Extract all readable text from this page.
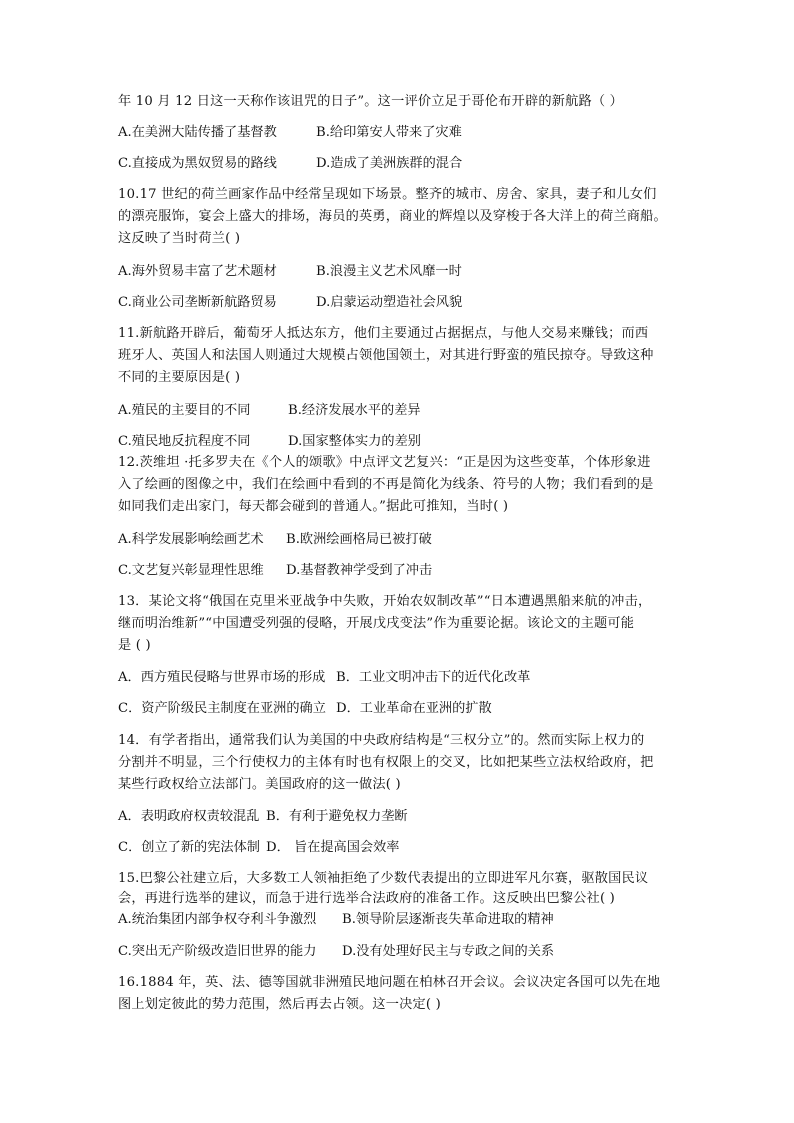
年 10 月 12 日这一天称作该诅咒的日子”。这一评价立足于哥伦布开辟的新航路（ ）
A.在美洲大陆传播了基督教	B.给印第安人带来了灾难
C.直接成为黑奴贸易的路线	D.造成了美洲族群的混合
10.17 世纪的荷兰画家作品中经常呈现如下场景。整齐的城市、房舍、家具，妻子和儿女们
的漂亮服饰，宴会上盛大的排场，海员的英勇，商业的辉煌以及穿梭于各大洋上的荷兰商船。
这反映了当时荷兰( )
A.海外贸易丰富了艺术题材	B.浪漫主义艺术风靡一时
C.商业公司垄断新航路贸易	D.启蒙运动塑造社会风貌
11.新航路开辟后，葡萄牙人抵达东方，他们主要通过占据据点，与他人交易来赚钱；而西
班牙人、英国人和法国人则通过大规模占领他国领土，对其进行野蛮的殖民掠夺。导致这种
不同的主要原因是( )
A.殖民的主要目的不同	B.经济发展水平的差异
C.殖民地反抗程度不同	D.国家整体实力的差别
12.茨维坦 ·托多罗夫在《个人的颂歌》中点评文艺复兴：“正是因为这些变革，个体形象进
入了绘画的图像之中，我们在绘画中看到的不再是简化为线条、符号的人物；我们看到的是
如同我们走出家门，每天都会碰到的普通人。”据此可推知，当时( )
A.科学发展影响绘画艺术 B.欧洲绘画格局已被打破
C.文艺复兴彰显理性思维 D.基督教神学受到了冲击
13．某论文将“俄国在克里米亚战争中失败，开始农奴制改革”“日本遭遇黑船来航的冲击，
继而明治维新”“中国遭受列强的侵略，开展戊戌变法”作为重要论据。该论文的主题可能
是 ( )
A．西方殖民侵略与世界市场的形成 B．工业文明冲击下的近代化改革
C．资产阶级民主制度在亚洲的确立 D．工业革命在亚洲的扩散
14．有学者指出，通常我们认为美国的中央政府结构是“三权分立”的。然而实际上权力的
分割并不明显，三个行使权力的主体有时也有权限上的交叉，比如把某些立法权给政府，把
某些行政权给立法部门。美国政府的这一做法( )
A．表明政府权责较混乱 B．有利于避免权力垄断
C．创立了新的宪法体制 D． 旨在提高国会效率
15.巴黎公社建立后，大多数工人领袖拒绝了少数代表提出的立即进军凡尔赛，驱散国民议
会，再进行选举的建议，而急于进行选举合法政府的准备工作。这反映出巴黎公社( )
A.统治集团内部争权夺利斗争激烈 B.领导阶层逐渐丧失革命进取的精神
C.突出无产阶级改造旧世界的能力 D.没有处理好民主与专政之间的关系
16.1884 年，英、法、德等国就非洲殖民地问题在柏林召开会议。会议决定各国可以先在地
图上划定彼此的势力范围，然后再去占领。这一决定( )
